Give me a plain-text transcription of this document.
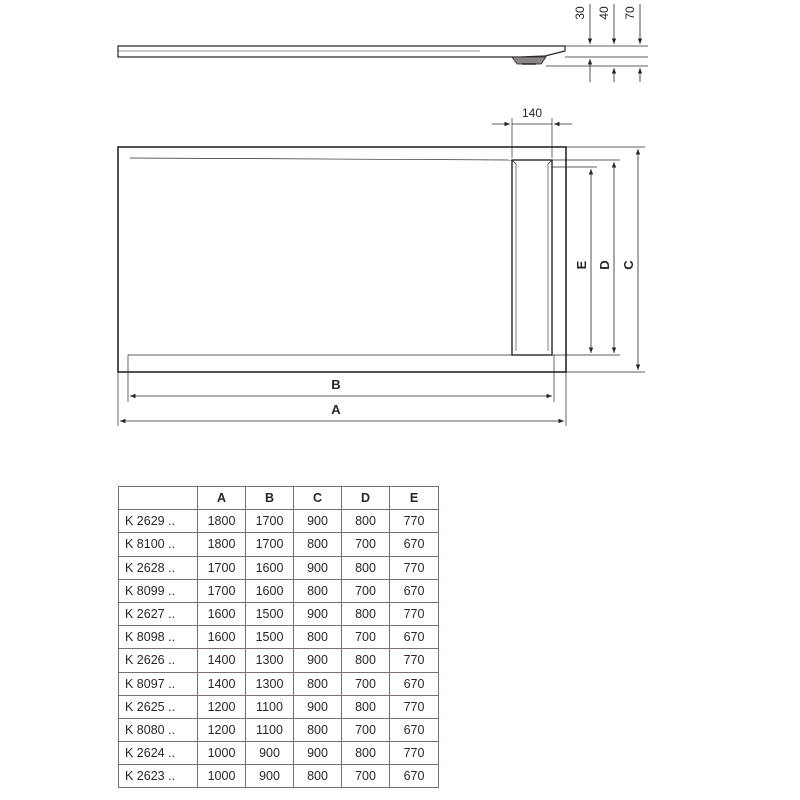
30 40 70
140
E D C
B
A
	A	B	C	D	E
K 2629 ..	1800	1700	900	800	770
K 8100 ..	1800	1700	800	700	670
K 2628 ..	1700	1600	900	800	770
K 8099 ..	1700	1600	800	700	670
K 2627 ..	1600	1500	900	800	770
K 8098 ..	1600	1500	800	700	670
K 2626 ..	1400	1300	900	800	770
K 8097 ..	1400	1300	800	700	670
K 2625 ..	1200	1100	900	800	770
K 8080 ..	1200	1100	800	700	670
K 2624 ..	1000	900	900	800	770
K 2623 ..	1000	900	800	700	670
